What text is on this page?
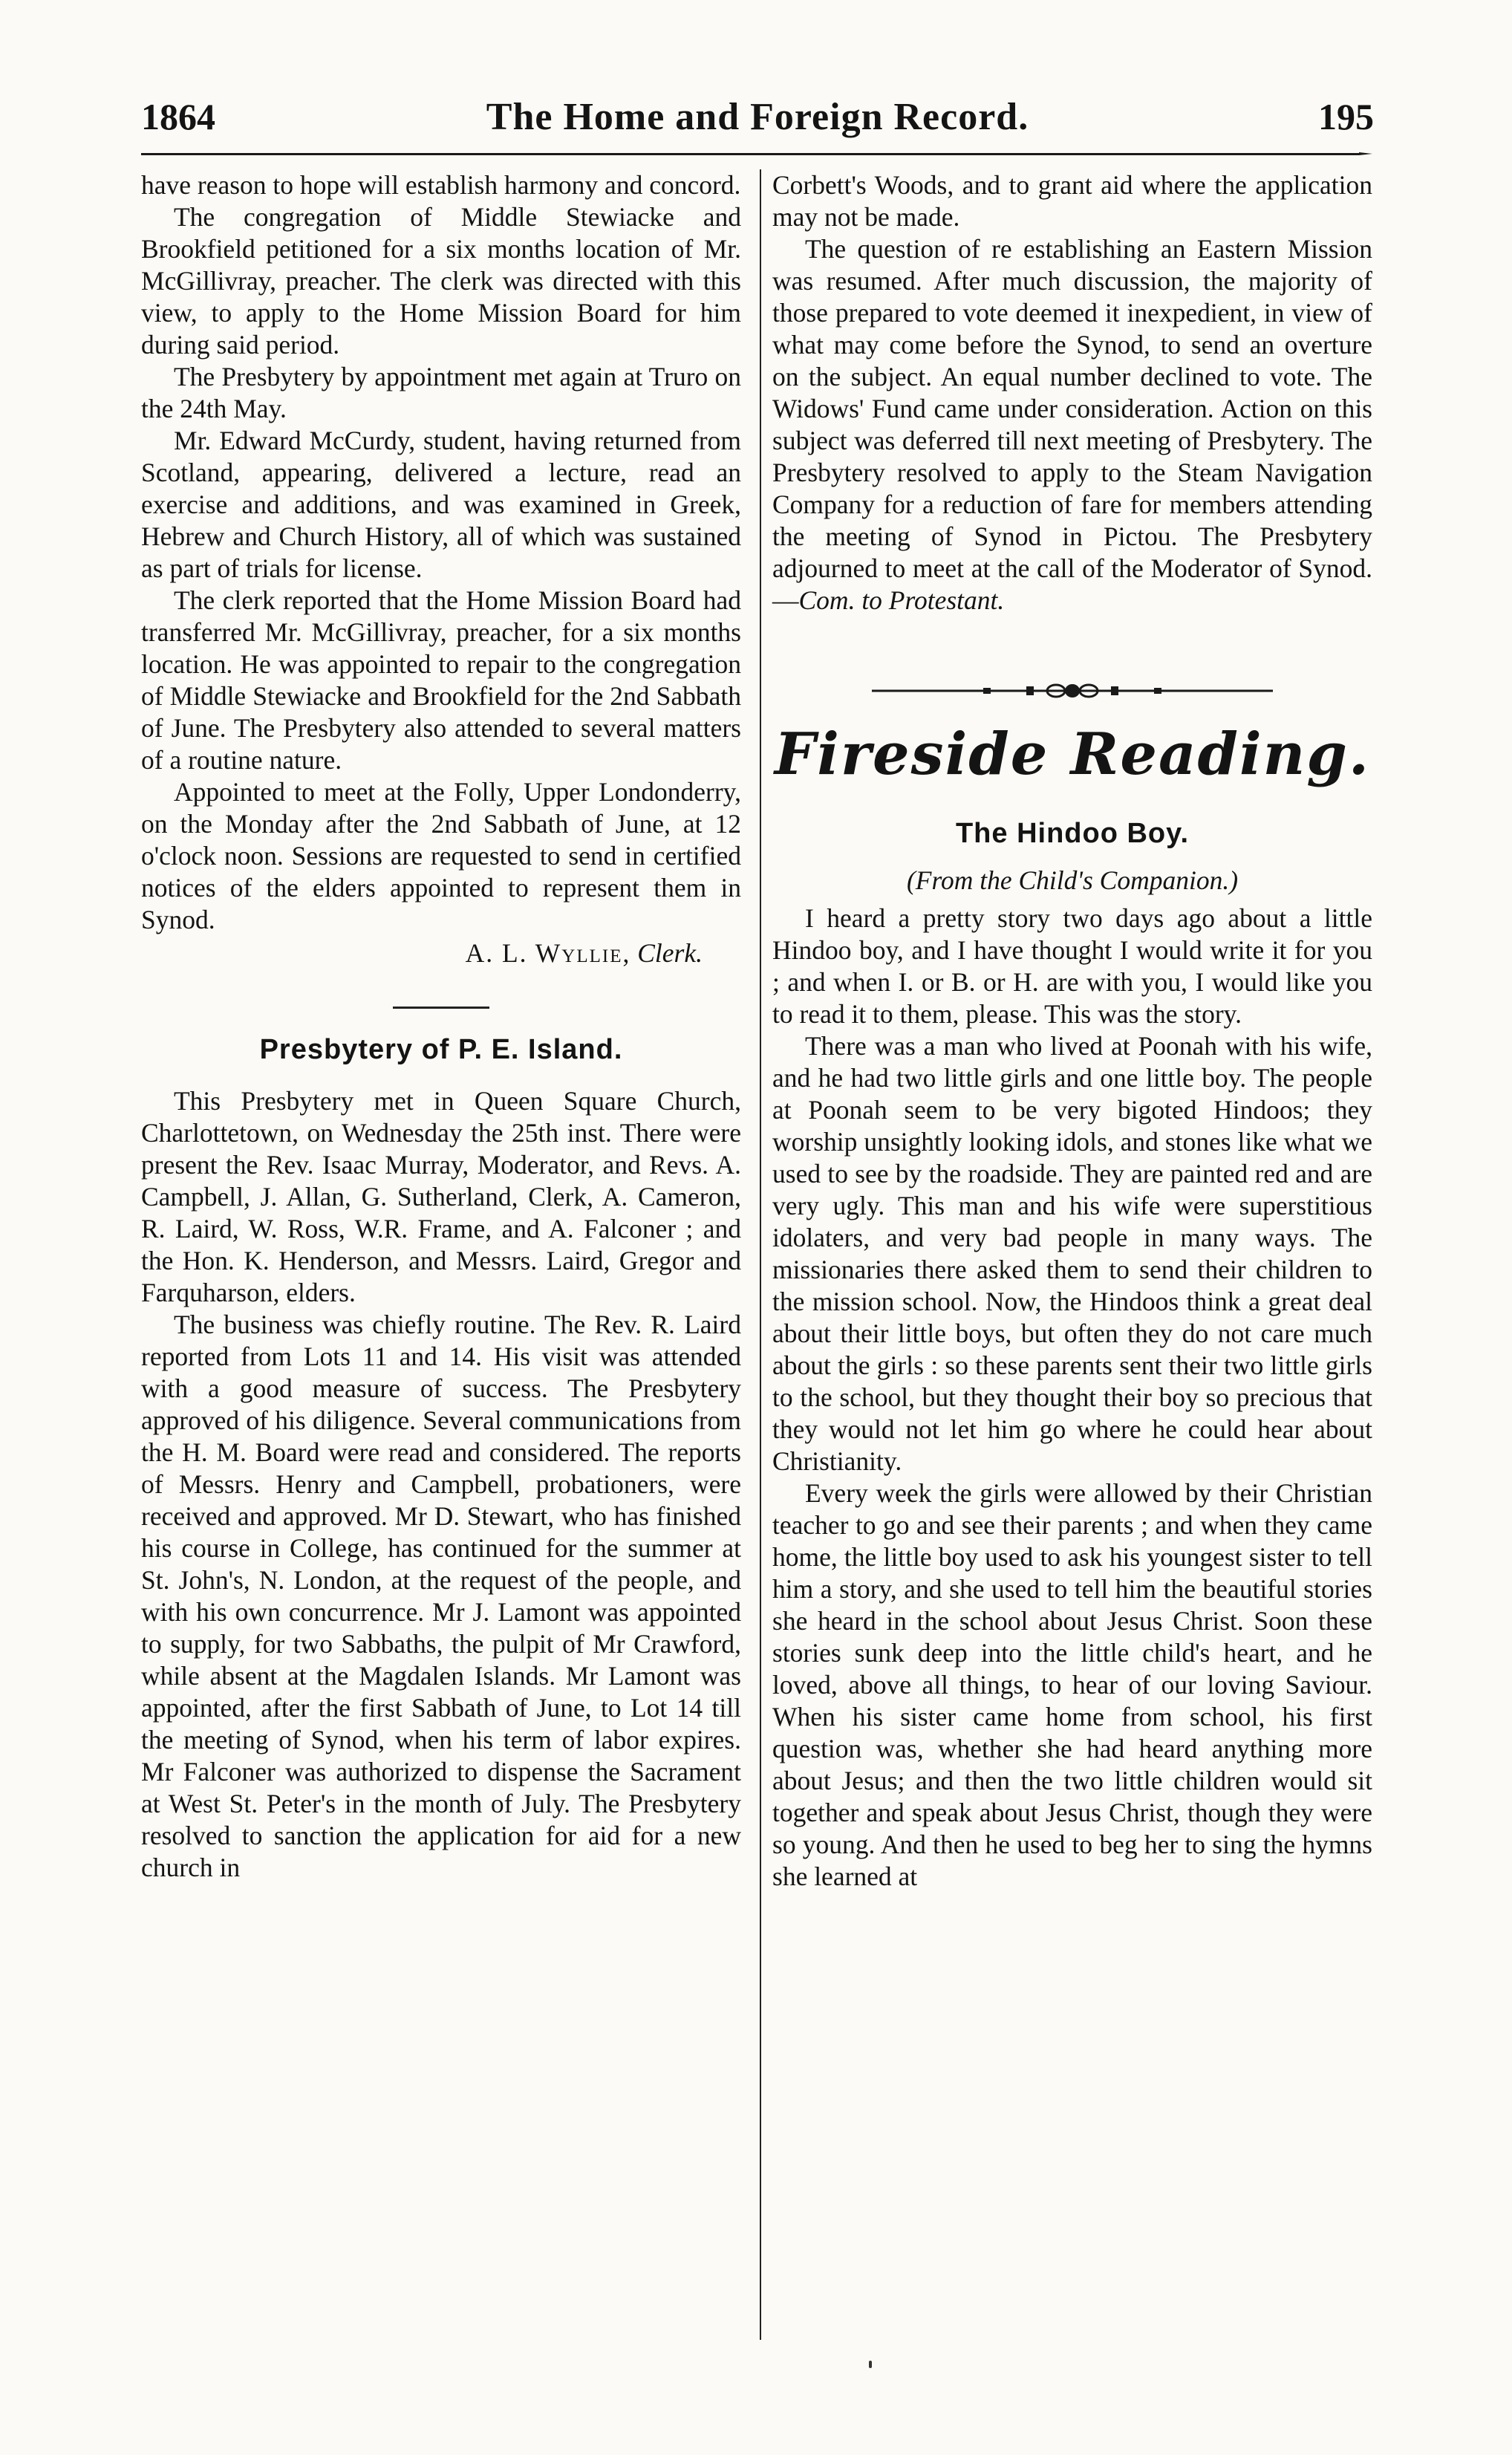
1864	The Home and Foreign Record.	195

have reason to hope will establish harmony and concord.

The congregation of Middle Stewiacke and Brookfield petitioned for a six months location of Mr. McGillivray, preacher. The clerk was directed with this view, to apply to the Home Mission Board for him during said period.

The Presbytery by appointment met again at Truro on the 24th May.

Mr. Edward McCurdy, student, having returned from Scotland, appearing, delivered a lecture, read an exercise and additions, and was examined in Greek, Hebrew and Church History, all of which was sustained as part of trials for license.

The clerk reported that the Home Mission Board had transferred Mr. McGillivray, preacher, for a six months location. He was appointed to repair to the congregation of Middle Stewiacke and Brookfield for the 2nd Sabbath of June. The Presbytery also attended to several matters of a routine nature.

Appointed to meet at the Folly, Upper Londonderry, on the Monday after the 2nd Sabbath of June, at 12 o'clock noon. Sessions are requested to send in certified notices of the elders appointed to represent them in Synod.

A. L. Wyllie, Clerk.
Presbytery of P. E. Island.

This Presbytery met in Queen Square Church, Charlottetown, on Wednesday the 25th inst. There were present the Rev. Isaac Murray, Moderator, and Revs. A. Campbell, J. Allan, G. Sutherland, Clerk, A. Cameron, R. Laird, W. Ross, W.R. Frame, and A. Falconer ; and the Hon. K. Henderson, and Messrs. Laird, Gregor and Farquharson, elders.

The business was chiefly routine. The Rev. R. Laird reported from Lots 11 and 14. His visit was attended with a good measure of success. The Presbytery approved of his diligence. Several communications from the H. M. Board were read and considered. The reports of Messrs. Henry and Campbell, probationers, were received and approved. Mr D. Stewart, who has finished his course in College, has continued for the summer at St. John's, N. London, at the request of the people, and with his own concurrence. Mr J. Lamont was appointed to supply, for two Sabbaths, the pulpit of Mr Crawford, while absent at the Magdalen Islands. Mr Lamont was appointed, after the first Sabbath of June, to Lot 14 till the meeting of Synod, when his term of labor expires. Mr Falconer was authorized to dispense the Sacrament at West St. Peter's in the month of July. The Presbytery resolved to sanction the application for aid for a new church in

Corbett's Woods, and to grant aid where the application may not be made.

The question of re establishing an Eastern Mission was resumed. After much discussion, the majority of those prepared to vote deemed it inexpedient, in view of what may come before the Synod, to send an overture on the subject. An equal number declined to vote. The Widows' Fund came under consideration. Action on this subject was deferred till next meeting of Presbytery. The Presbytery resolved to apply to the Steam Navigation Company for a reduction of fare for members attending the meeting of Synod in Pictou. The Presbytery adjourned to meet at the call of the Moderator of Synod.—Com. to Protestant.

Fireside Reading.
The Hindoo Boy.
(From the Child's Companion.)

I heard a pretty story two days ago about a little Hindoo boy, and I have thought I would write it for you ; and when I. or B. or H. are with you, I would like you to read it to them, please. This was the story.

There was a man who lived at Poonah with his wife, and he had two little girls and one little boy. The people at Poonah seem to be very bigoted Hindoos; they worship unsightly looking idols, and stones like what we used to see by the roadside. They are painted red and are very ugly. This man and his wife were superstitious idolaters, and very bad people in many ways. The missionaries there asked them to send their children to the mission school. Now, the Hindoos think a great deal about their little boys, but often they do not care much about the girls : so these parents sent their two little girls to the school, but they thought their boy so precious that they would not let him go where he could hear about Christianity.

Every week the girls were allowed by their Christian teacher to go and see their parents ; and when they came home, the little boy used to ask his youngest sister to tell him a story, and she used to tell him the beautiful stories she heard in the school about Jesus Christ. Soon these stories sunk deep into the little child's heart, and he loved, above all things, to hear of our loving Saviour. When his sister came home from school, his first question was, whether she had heard anything more about Jesus; and then the two little children would sit together and speak about Jesus Christ, though they were so young. And then he used to beg her to sing the hymns she learned at
